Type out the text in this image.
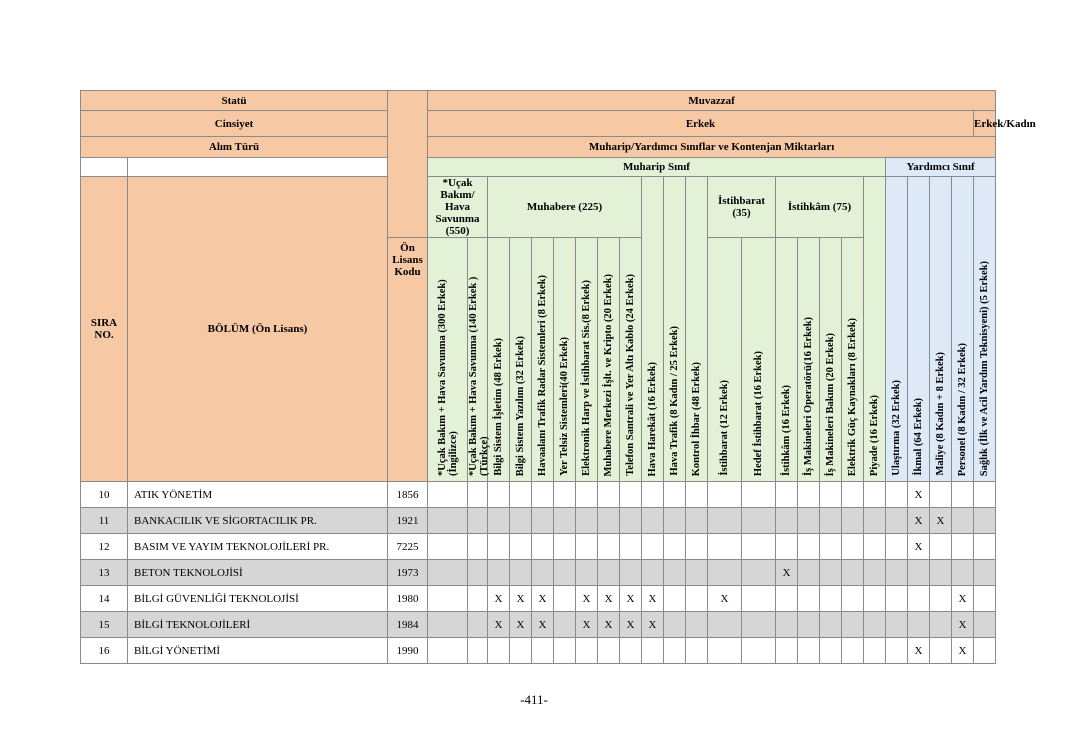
Statü			Muvazzaf																							
Cinsiyet			Erkek																							Erkek/Kadın
Alım Türü			Muharip/Yardımcı Sınıflar ve Kontenjan Miktarları																							
			Muharip Sınıf																			Yardımcı Sınıf				
SIRA NO.	BÖLÜM (Ön Lisans)		*Uçak Bakım/ Hava Savunma (550)		Muhabere (225)							Hava Harekât (16 Erkek)	Hava Trafik (8 Kadın / 25 Erkek)	Kontrol İhbar (48 Erkek)	İstihbarat (35)		İstihkâm (75)				Piyade (16 Erkek)	Ulaştırma (32 Erkek)	İkmal (64 Erkek)	Maliye (8 Kadın + 8 Erkek)	Personel (8 Kadın / 32 Erkek)	Sağlık (İlk ve Acil Yardım Teknisyeni) (5 Erkek)
		Ön Lisans Kodu	*Uçak Bakım + Hava Savunma (300 Erkek) (İngilizce)	*Uçak Bakım + Hava Savunma (140 Erkek ) (Türkçe)	Bilgi Sistem İşletim (48 Erkek)	Bilgi Sistem Yazılım (32 Erkek)	Havaalanı Trafik Radar Sistemleri (8 Erkek)	Yer Telsiz Sistemleri(40 Erkek)	Elektronik Harp ve İstihbarat Sis.(8 Erkek)	Muhabere Merkezi İşlt. ve Kripto (20 Erkek)	Telefon Santrali ve Yer Altı Kablo (24 Erkek)				İstihbarat (12 Erkek)	Hedef İstihbarat (16 Erkek)	İstihkâm (16 Erkek)	İş Makineleri Operatörü(16 Erkek)	İş Makineleri Bakım (20 Erkek)	Elektrik Güç Kaynakları (8 Erkek)						
10	ATIK YÖNETİM	1856																					X			
11	BANKACILIK VE SİGORTACILIK PR.	1921																					X	X		
12	BASIM VE YAYIM TEKNOLOJİLERİ PR.	7225																					X			
13	BETON TEKNOLOJİSİ	1973															X									
14	BİLGİ GÜVENLİĞİ TEKNOLOJİSİ	1980			X	X	X		X	X	X	X			X										X	
15	BİLGİ TEKNOLOJİLERİ	1984			X	X	X		X	X	X	X													X	
16	BİLGİ YÖNETİMİ	1990																					X		X	
-411-
